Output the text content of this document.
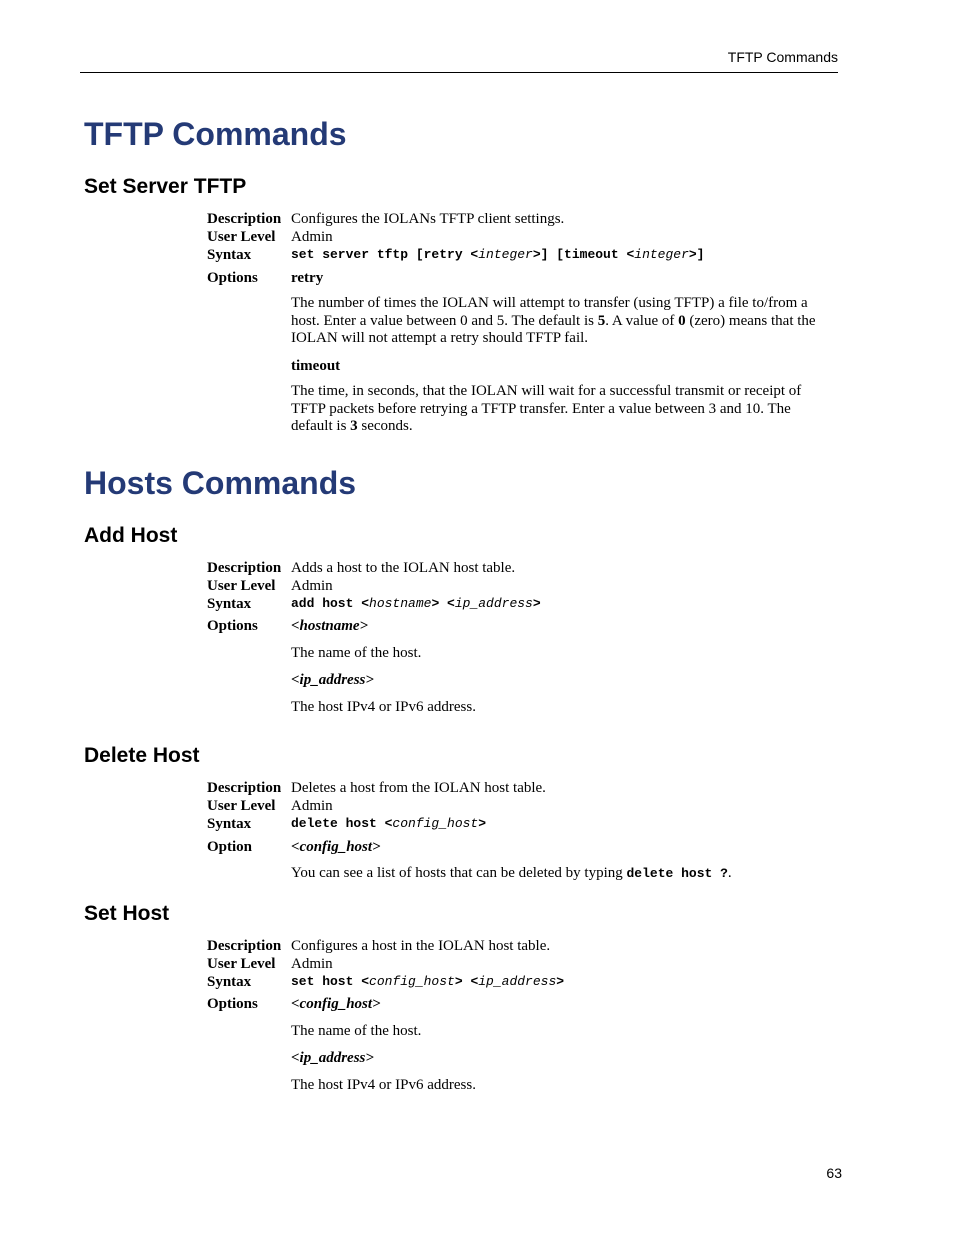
TFTP Commands
TFTP Commands
Set Server TFTP
Description Configures the IOLANs TFTP client settings.
User Level Admin
Syntax	set server tftp [retry <integer>] [timeout <integer>]
Options retry
The number of times the IOLAN will attempt to transfer (using TFTP) a file to/from a
host. Enter a value between 0 and 5. The default is 5. A value of 0 (zero) means that the
IOLAN will not attempt a retry should TFTP fail.
timeout
The time, in seconds, that the IOLAN will wait for a successful transmit or receipt of
TFTP packets before retrying a TFTP transfer. Enter a value between 3 and 10. The
default is 3 seconds.
Hosts Commands
Add Host
Description Adds a host to the IOLAN host table.
User Level Admin
Syntax	add host <hostname> <ip_address>
Options <hostname>
The name of the host.
<ip_address>
The host IPv4 or IPv6 address.
Delete Host
Description Deletes a host from the IOLAN host table.
User Level Admin
Syntax	delete host <config_host>
Option	<config_host>
You can see a list of hosts that can be deleted by typing delete host ?.
Set Host
Description Configures a host in the IOLAN host table.
User Level Admin
Syntax	set host <config_host> <ip_address>
Options <config_host>
The name of the host.
<ip_address>
The host IPv4 or IPv6 address.
63
